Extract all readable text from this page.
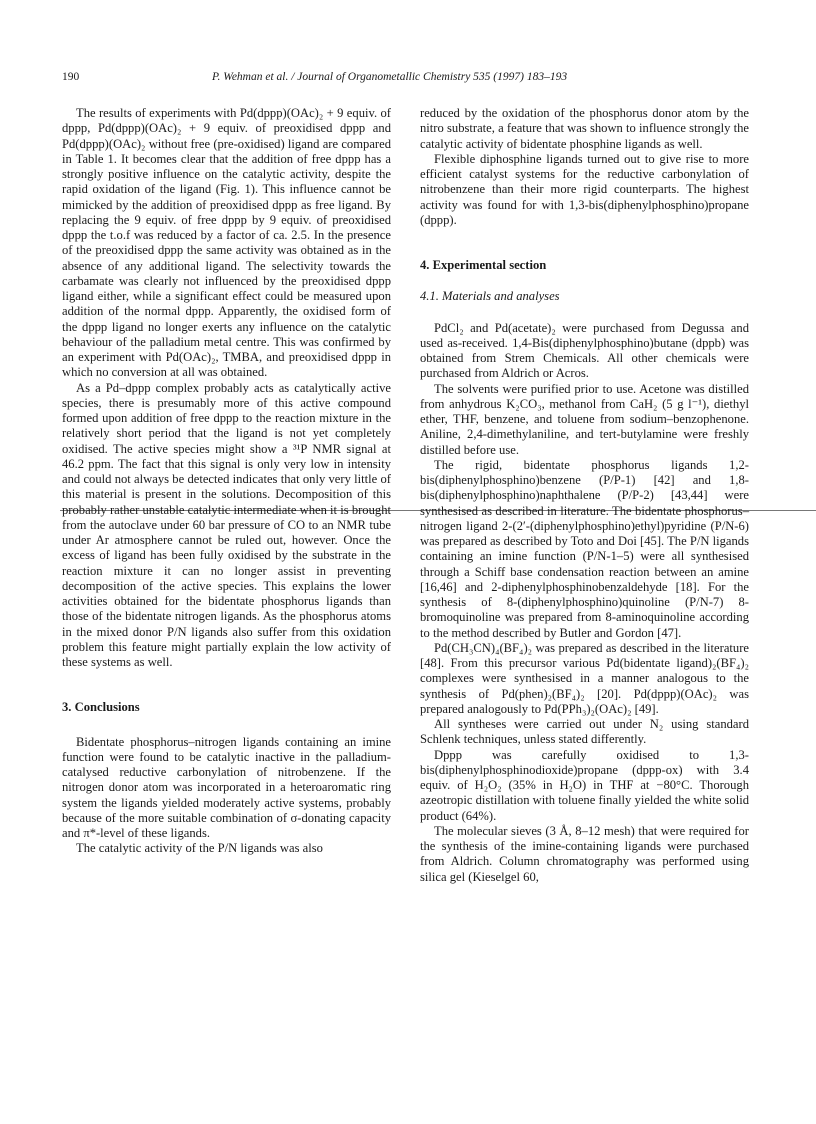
190	P. Wehman et al. / Journal of Organometallic Chemistry 535 (1997) 183–193

The results of experiments with Pd(dppp)(OAc)₂ + 9 equiv. of dppp, Pd(dppp)(OAc)₂ + 9 equiv. of preoxidised dppp and Pd(dppp)(OAc)₂ without free (pre-oxidised) ligand are compared in Table 1. It becomes clear that the addition of free dppp has a strongly positive influence on the catalytic activity, despite the rapid oxidation of the ligand (Fig. 1). This influence cannot be mimicked by the addition of preoxidised dppp as free ligand. By replacing the 9 equiv. of free dppp by 9 equiv. of preoxidised dppp the t.o.f was reduced by a factor of ca. 2.5. In the presence of the preoxidised dppp the same activity was obtained as in the absence of any additional ligand. The selectivity towards the carbamate was clearly not influenced by the preoxidised dppp ligand either, while a significant effect could be measured upon addition of the normal dppp. Apparently, the oxidised form of the dppp ligand no longer exerts any influence on the catalytic behaviour of the palladium metal centre. This was confirmed by an experiment with Pd(OAc)₂, TMBA, and preoxidised dppp in which no conversion at all was obtained.

As a Pd–dppp complex probably acts as catalytically active species, there is presumably more of this active compound formed upon addition of free dppp to the reaction mixture in the relatively short period that the ligand is not yet completely oxidised. The active species might show a ³¹P NMR signal at 46.2 ppm. The fact that this signal is only very low in intensity and could not always be detected indicates that only very little of this material is present in the solutions. Decomposition of this probably rather unstable catalytic intermediate when it is brought from the autoclave under 60 bar pressure of CO to an NMR tube under Ar atmosphere cannot be ruled out, however. Once the excess of ligand has been fully oxidised by the substrate in the reaction mixture it can no longer assist in preventing decomposition of the active species. This explains the lower activities obtained for the bidentate phosphorus ligands than those of the bidentate nitrogen ligands. As the phosphorus atoms in the mixed donor P/N ligands also suffer from this oxidation problem this feature might partially explain the low activity of these systems as well.

3. Conclusions

Bidentate phosphorus–nitrogen ligands containing an imine function were found to be catalytic inactive in the palladium-catalysed reductive carbonylation of nitrobenzene. If the nitrogen donor atom was incorporated in a heteroaromatic ring system the ligands yielded moderately active systems, probably because of the more suitable combination of σ-donating capacity and π*-level of these ligands.

The catalytic activity of the P/N ligands was also

reduced by the oxidation of the phosphorus donor atom by the nitro substrate, a feature that was shown to influence strongly the catalytic activity of bidentate phosphine ligands as well.

Flexible diphosphine ligands turned out to give rise to more efficient catalyst systems for the reductive carbonylation of nitrobenzene than their more rigid counterparts. The highest activity was found for with 1,3-bis(diphenylphosphino)propane (dppp).

4. Experimental section
4.1. Materials and analyses

PdCl₂ and Pd(acetate)₂ were purchased from Degussa and used as-received. 1,4-Bis(diphenylphosphino)butane (dppb) was obtained from Strem Chemicals. All other chemicals were purchased from Aldrich or Acros.

The solvents were purified prior to use. Acetone was distilled from anhydrous K₂CO₃, methanol from CaH₂ (5 g l⁻¹), diethyl ether, THF, benzene, and toluene from sodium–benzophenone. Aniline, 2,4-dimethylaniline, and tert-butylamine were freshly distilled before use.

The rigid, bidentate phosphorus ligands 1,2-bis(diphenylphosphino)benzene (P/P-1) [42] and 1,8-bis(diphenylphosphino)naphthalene (P/P-2) [43,44] were synthesised as described in literature. The bidentate phosphorus–nitrogen ligand 2-(2′-(diphenylphosphino)ethyl)pyridine (P/N-6) was prepared as described by Toto and Doi [45]. The P/N ligands containing an imine function (P/N-1–5) were all synthesised through a Schiff base condensation reaction between an amine [16,46] and 2-diphenylphosphinobenzaldehyde [18]. For the synthesis of 8-(diphenylphosphino)quinoline (P/N-7) 8-bromoquinoline was prepared from 8-aminoquinoline according to the method described by Butler and Gordon [47].

Pd(CH₃CN)₄(BF₄)₂ was prepared as described in the literature [48]. From this precursor various Pd(bidentate ligand)₂(BF₄)₂ complexes were synthesised in a manner analogous to the synthesis of Pd(phen)₂(BF₄)₂ [20]. Pd(dppp)(OAc)₂ was prepared analogously to Pd(PPh₃)₂(OAc)₂ [49].

All syntheses were carried out under N₂ using standard Schlenk techniques, unless stated differently.

Dppp was carefully oxidised to 1,3-bis(diphenylphosphinodioxide)propane (dppp-ox) with 3.4 equiv. of H₂O₂ (35% in H₂O) in THF at −80°C. Thorough azeotropic distillation with toluene finally yielded the white solid product (64%).

The molecular sieves (3 Å, 8–12 mesh) that were required for the synthesis of the imine-containing ligands were purchased from Aldrich. Column chromatography was performed using silica gel (Kieselgel 60,
